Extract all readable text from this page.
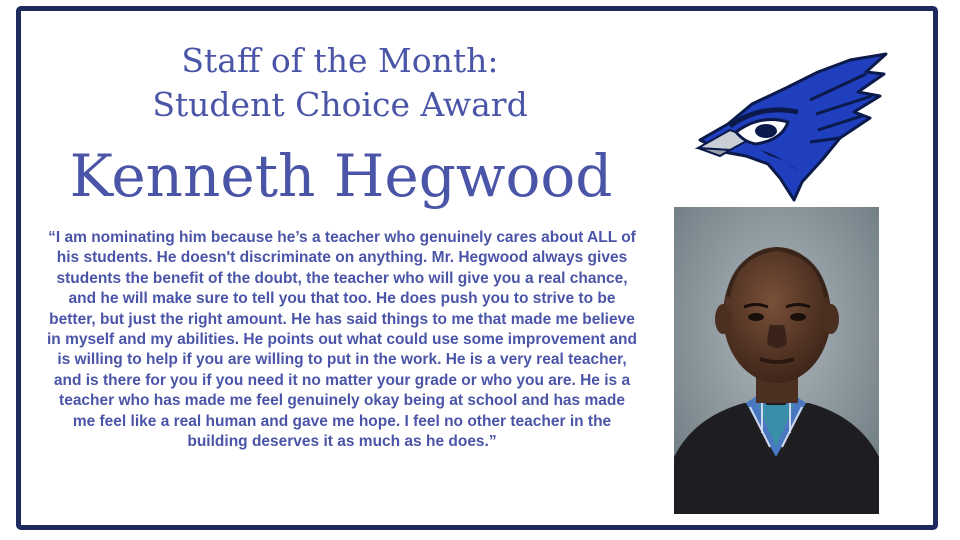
Staff of the Month:
Student Choice Award
Kenneth Hegwood

“I am nominating him because he’s a teacher who genuinely cares about ALL of his students. He doesn't discriminate on anything. Mr. Hegwood always gives students the benefit of the doubt, the teacher who will give you a real chance, and he will make sure to tell you that too. He does push you to strive to be better, but just the right amount. He has said things to me that made me believe in myself and my abilities. He points out what could use some improvement and is willing to help if you are willing to put in the work. He is a very real teacher, and is there for you if you need it no matter your grade or who you are. He is a teacher who has made me feel genuinely okay being at school and has made me feel like a real human and gave me hope. I feel no other teacher in the building deserves it as much as he does.”
